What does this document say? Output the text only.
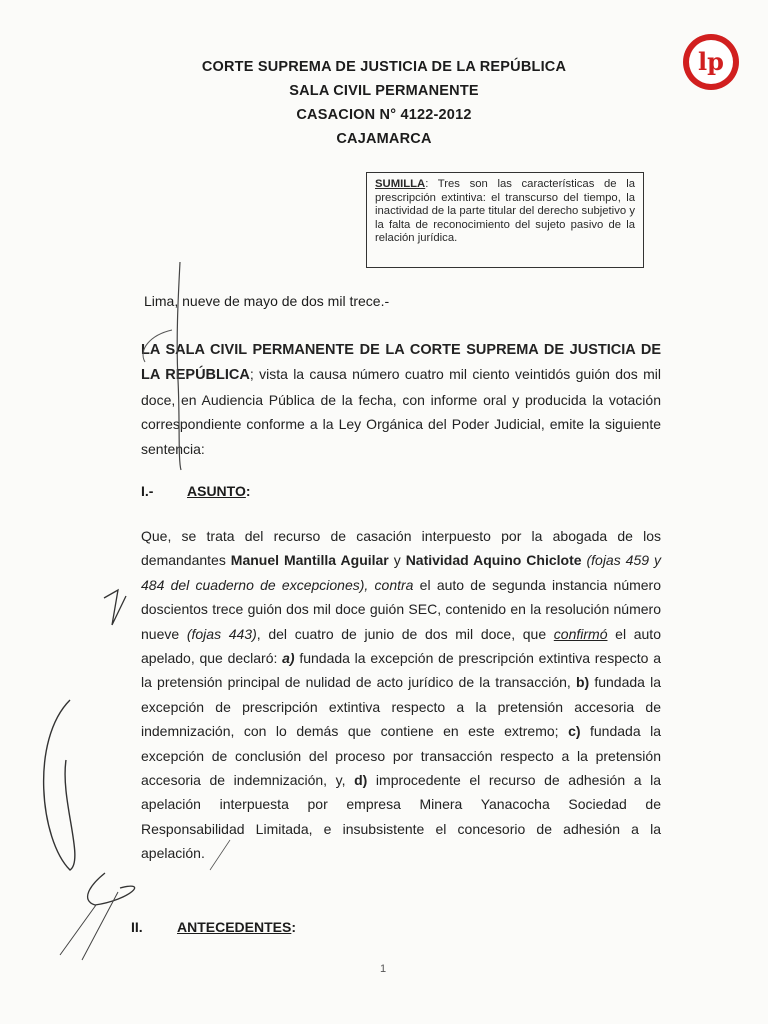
CORTE SUPREMA DE JUSTICIA DE LA REPÚBLICA
SALA CIVIL PERMANENTE
CASACION N° 4122-2012
CAJAMARCA
lp
SUMILLA: Tres son las características de la prescripción extintiva: el transcurso del tiempo, la inactividad de la parte titular del derecho subjetivo y la falta de reconocimiento del sujeto pasivo de la relación jurídica.
Lima, nueve de mayo de dos mil trece.-
LA SALA CIVIL PERMANENTE DE LA CORTE SUPREMA DE JUSTICIA DE LA REPÚBLICA; vista la causa número cuatro mil ciento veintidós guión dos mil doce, en Audiencia Pública de la fecha, con informe oral y producida la votación correspondiente conforme a la Ley Orgánica del Poder Judicial, emite la siguiente sentencia:
I.- ASUNTO:
Que, se trata del recurso de casación interpuesto por la abogada de los demandantes Manuel Mantilla Aguilar y Natividad Aquino Chiclote (fojas 459 y 484 del cuaderno de excepciones), contra el auto de segunda instancia número doscientos trece guión dos mil doce guión SEC, contenido en la resolución número nueve (fojas 443), del cuatro de junio de dos mil doce, que confirmó el auto apelado, que declaró: a) fundada la excepción de prescripción extintiva respecto a la pretensión principal de nulidad de acto jurídico de la transacción, b) fundada la excepción de prescripción extintiva respecto a la pretensión accesoria de indemnización, con lo demás que contiene en este extremo; c) fundada la excepción de conclusión del proceso por transacción respecto a la pretensión accesoria de indemnización, y, d) improcedente el recurso de adhesión a la apelación interpuesta por empresa Minera Yanacocha Sociedad de Responsabilidad Limitada, e insubsistente el concesorio de adhesión a la apelación.
II. ANTECEDENTES:
1
